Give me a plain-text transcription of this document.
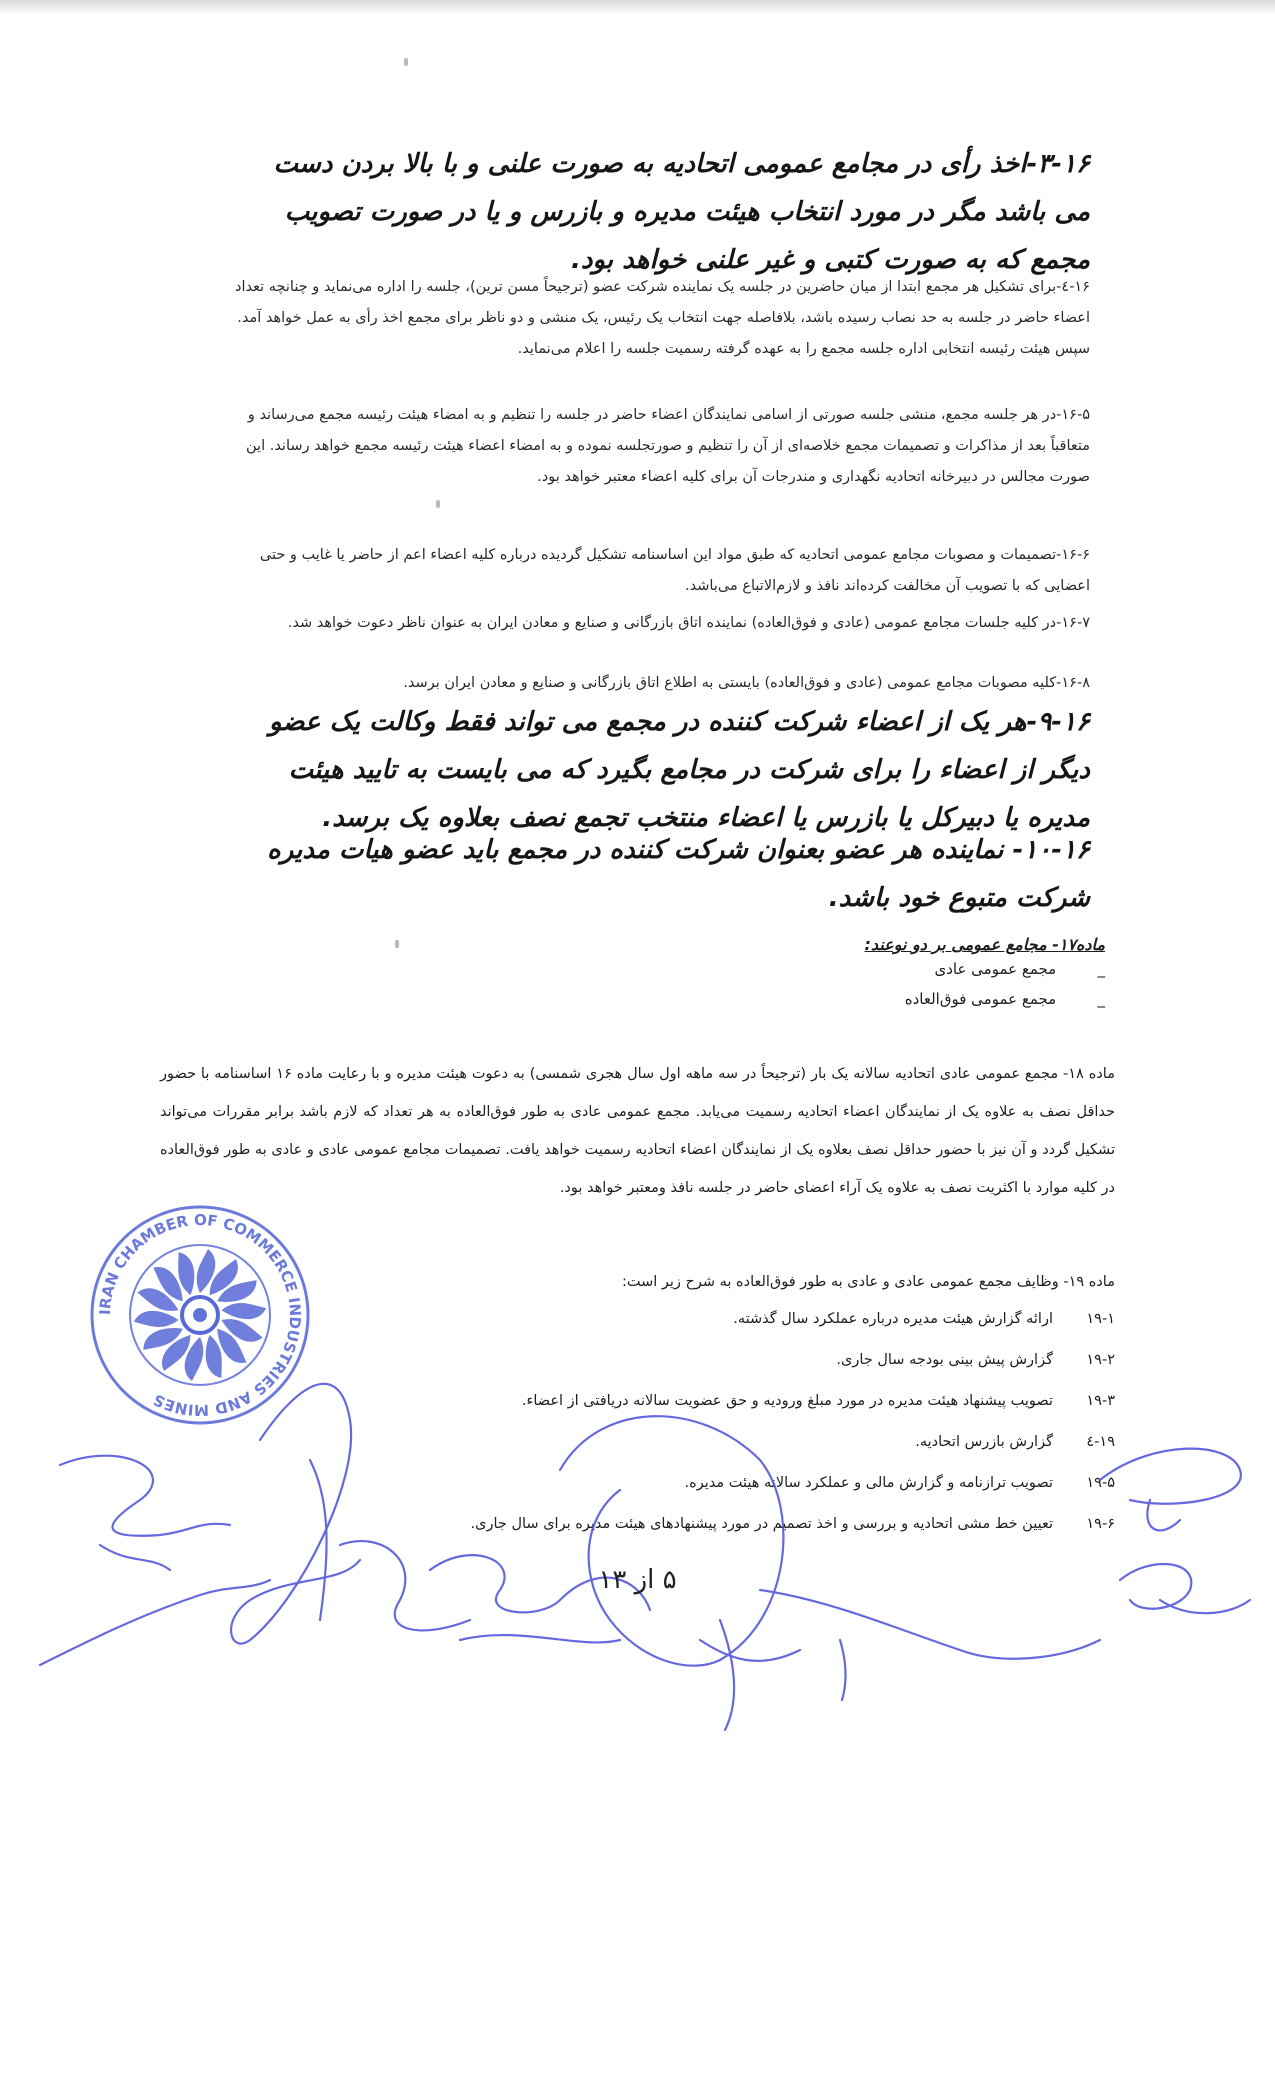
۳-۱۶-اخذ رأی در مجامع عمومی اتحادیه به صورت علنی و با بالا بردن دست می باشد مگر در مورد انتخاب هیئت مدیره و بازرس و یا در صورت تصویب مجمع که به صورت کتبی و غیر علنی خواهد بود.

۱۶-٤-برای تشکیل هر مجمع ابتدا از میان حاضرین در جلسه یک نماینده شرکت عضو (ترجیحاً مسن ترین)، جلسه را اداره می‌نماید و چنانچه تعداد اعضاء حاضر در جلسه به حد نصاب رسیده باشد، بلافاصله جهت انتخاب یک رئیس، یک منشی و دو ناظر برای مجمع اخذ رأی به عمل خواهد آمد. سپس هیئت رئیسه انتخابی اداره جلسه مجمع را به عهده گرفته رسمیت جلسه را اعلام می‌نماید.

۱۶-۵-در هر جلسه مجمع، منشی جلسه صورتی از اسامی نمایندگان اعضاء حاضر در جلسه را تنظیم و به امضاء هیئت رئیسه مجمع می‌رساند و متعاقباً بعد از مذاکرات و تصمیمات مجمع خلاصه‌ای از آن را تنظیم و صورتجلسه نموده و به امضاء اعضاء هیئت رئیسه مجمع خواهد رساند. این صورت مجالس در دبیرخانه اتحادیه نگهداری و مندرجات آن برای کلیه اعضاء معتبر خواهد بود.

۱۶-۶-تصمیمات و مصوبات مجامع عمومی اتحادیه که طبق مواد این اساسنامه تشکیل گردیده درباره کلیه اعضاء اعم از حاضر یا غایب و حتی اعضایی که با تصویب آن مخالفت کرده‌اند نافذ و لازم‌الاتباع می‌باشد.

۱۶-۷-در کلیه جلسات مجامع عمومی (عادی و فوق‌العاده) نماینده اتاق بازرگانی و صنایع و معادن ایران به عنوان ناظر دعوت خواهد شد.

۱۶-۸-کلیه مصوبات مجامع عمومی (عادی و فوق‌العاده) بایستی به اطلاع اتاق بازرگانی و صنایع و معادن ایران برسد.

۹-۱۶-هر یک از اعضاء شرکت کننده در مجمع می تواند فقط وکالت یک عضو دیگر از اعضاء را برای شرکت در مجامع بگیرد که می بایست به تایید هیئت مدیره یا دبیرکل یا بازرس یا اعضاء منتخب تجمع نصف بعلاوه یک برسد.

۱۰-۱۶- نماینده هر عضو بعنوان شرکت کننده در مجمع باید عضو هیات مدیره شرکت متبوع خود باشد.

ماده۱۷- مجامع عمومی بر دو نوعند:
_ مجمع عمومی عادی
_ مجمع عمومی فوق‌العاده
ماده ۱۸- مجمع عمومی عادی اتحادیه سالانه یک بار (ترجیحاً در سه ماهه اول سال هجری شمسی) به دعوت هیئت مدیره و با رعایت ماده ۱۶ اساسنامه با حضور حداقل نصف به علاوه یک از نمایندگان اعضاء اتحادیه رسمیت می‌یابد. مجمع عمومی عادی به طور فوق‌العاده به هر تعداد که لازم باشد برابر مقررات می‌تواند تشکیل گردد و آن نیز با حضور حداقل نصف بعلاوه یک از نمایندگان اعضاء اتحادیه رسمیت خواهد یافت. تصمیمات مجامع عمومی عادی و عادی به طور فوق‌العاده در کلیه موارد با اکثریت نصف به علاوه یک آراء اعضای حاضر در جلسه نافذ ومعتبر خواهد بود.
ماده ۱۹- وظایف مجمع عمومی عادی و عادی به طور فوق‌العاده به شرح زیر است:
۱۹-۱ارائه گزارش هیئت مدیره درباره عملکرد سال گذشته.
۱۹-۲گزارش پیش بینی بودجه سال جاری.
۱۹-۳تصویب پیشنهاد هیئت مدیره در مورد مبلغ ورودیه و حق عضویت سالانه دریافتی از اعضاء.
۱۹-٤گزارش بازرس اتحادیه.
۱۹-۵تصویب ترازنامه و گزارش مالی و عملکرد سالانه هیئت مدیره.
۱۹-۶تعیین خط مشی اتحادیه و بررسی و اخذ تصمیم در مورد پیشنهادهای هیئت مدیره برای سال جاری.
IRAN CHAMBER OF COMMERCE INDUSTRIES AND MINES
۵ از ۱۳
